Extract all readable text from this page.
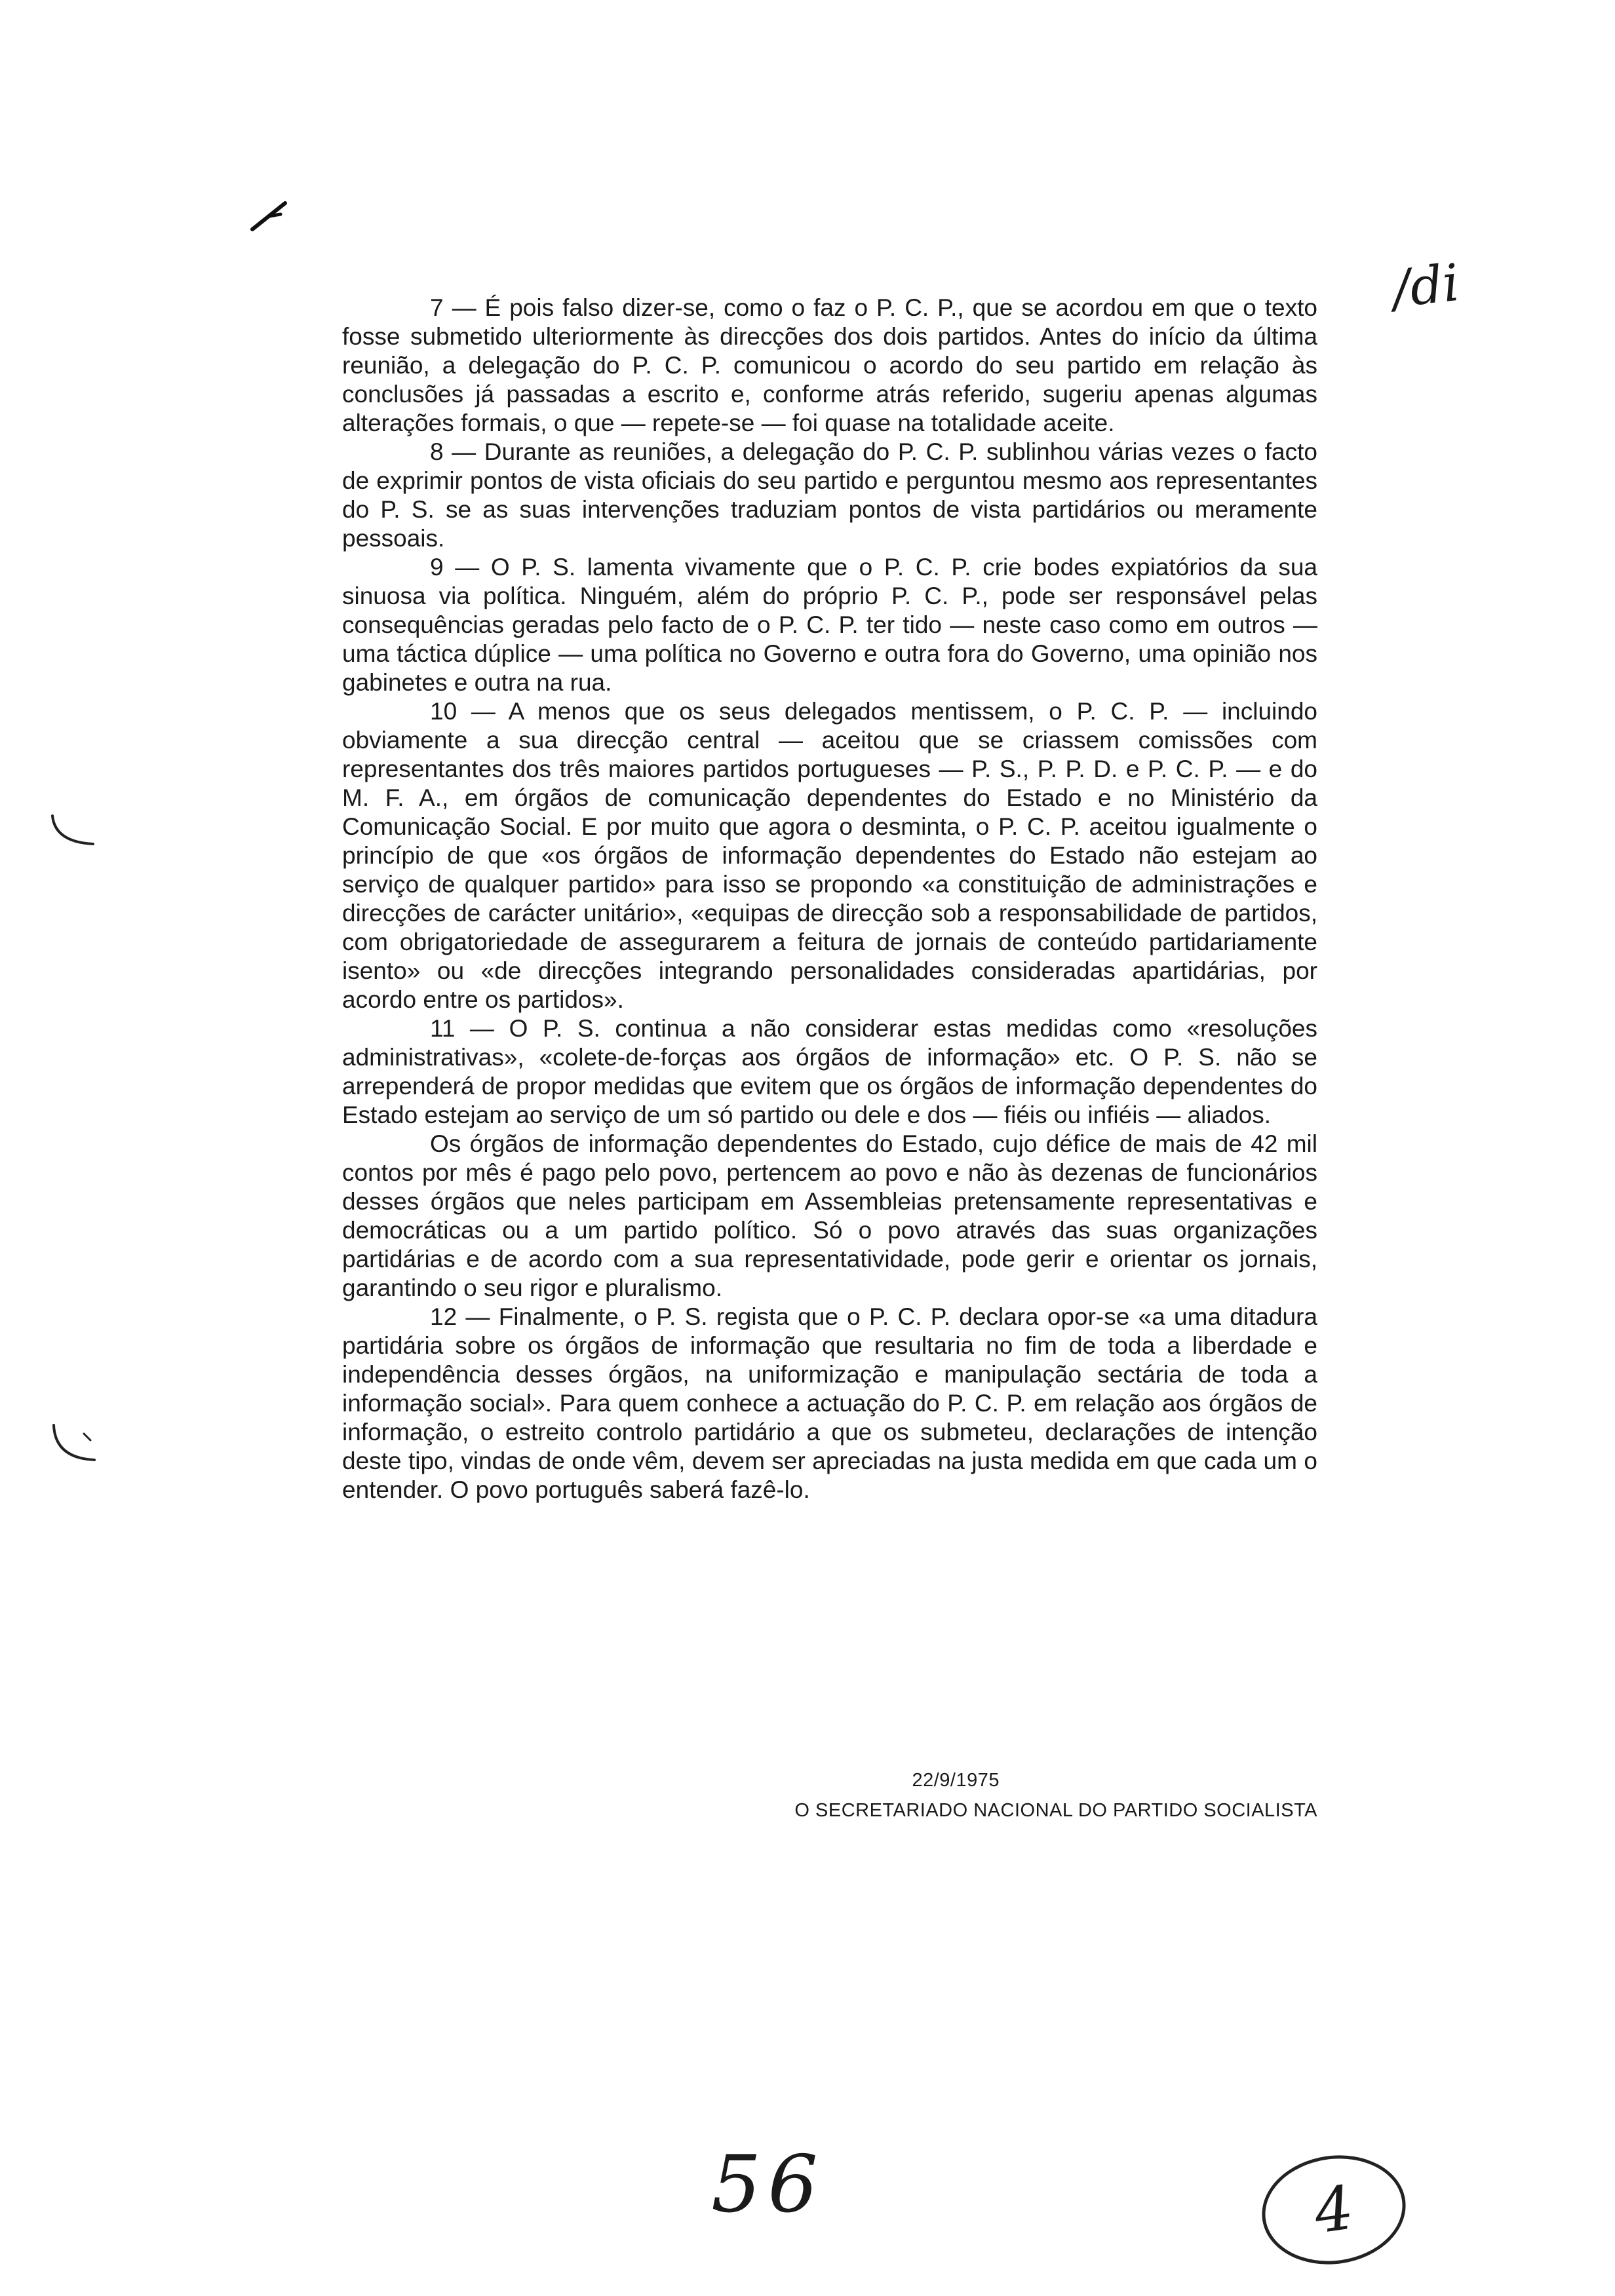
/di

7 — É pois falso dizer-se, como o faz o P. C. P., que se acordou em que o texto fosse submetido ulteriormente às direcções dos dois partidos. Antes do início da última reunião, a delegação do P. C. P. comunicou o acordo do seu partido em relação às conclusões já passadas a escrito e, conforme atrás referido, sugeriu apenas algumas alterações formais, o que — repete-se — foi quase na totalidade aceite.

8 — Durante as reuniões, a delegação do P. C. P. sublinhou várias vezes o facto de exprimir pontos de vista oficiais do seu partido e perguntou mesmo aos representantes do P. S. se as suas intervenções traduziam pontos de vista partidários ou meramente pessoais.

9 — O P. S. lamenta vivamente que o P. C. P. crie bodes expiatórios da sua sinuosa via política. Ninguém, além do próprio P. C. P., pode ser responsável pelas consequências geradas pelo facto de o P. C. P. ter tido — neste caso como em outros — uma táctica dúplice — uma política no Governo e outra fora do Governo, uma opinião nos gabinetes e outra na rua.

10 — A menos que os seus delegados mentissem, o P. C. P. — incluindo obviamente a sua direcção central — aceitou que se criassem comissões com representantes dos três maiores partidos portugueses — P. S., P. P. D. e P. C. P. — e do M. F. A., em órgãos de comunicação dependentes do Estado e no Ministério da Comunicação Social. E por muito que agora o desminta, o P. C. P. aceitou igualmente o princípio de que «os órgãos de informação dependentes do Estado não estejam ao serviço de qualquer partido» para isso se propondo «a constituição de administrações e direcções de carácter unitário», «equipas de direcção sob a responsabilidade de partidos, com obrigatoriedade de assegurarem a feitura de jornais de conteúdo partidariamente isento» ou «de direcções integrando personalidades consideradas apartidárias, por acordo entre os partidos».

11 — O P. S. continua a não considerar estas medidas como «resoluções administrativas», «colete-de-forças aos órgãos de informação» etc. O P. S. não se arrependerá de propor medidas que evitem que os órgãos de informação dependentes do Estado estejam ao serviço de um só partido ou dele e dos — fiéis ou infiéis — aliados.

Os órgãos de informação dependentes do Estado, cujo défice de mais de 42 mil contos por mês é pago pelo povo, pertencem ao povo e não às dezenas de funcionários desses órgãos que neles participam em Assembleias pretensamente representativas e democráticas ou a um partido político. Só o povo através das suas organizações partidárias e de acordo com a sua representatividade, pode gerir e orientar os jornais, garantindo o seu rigor e pluralismo.

12 — Finalmente, o P. S. regista que o P. C. P. declara opor-se «a uma ditadura partidária sobre os órgãos de informação que resultaria no fim de toda a liberdade e independência desses órgãos, na uniformização e manipulação sectária de toda a informação social». Para quem conhece a actuação do P. C. P. em relação aos órgãos de informação, o estreito controlo partidário a que os submeteu, declarações de intenção deste tipo, vindas de onde vêm, devem ser apreciadas na justa medida em que cada um o entender. O povo português saberá fazê-lo.

22/9/1975
O SECRETARIADO NACIONAL DO PARTIDO SOCIALISTA
56	4
